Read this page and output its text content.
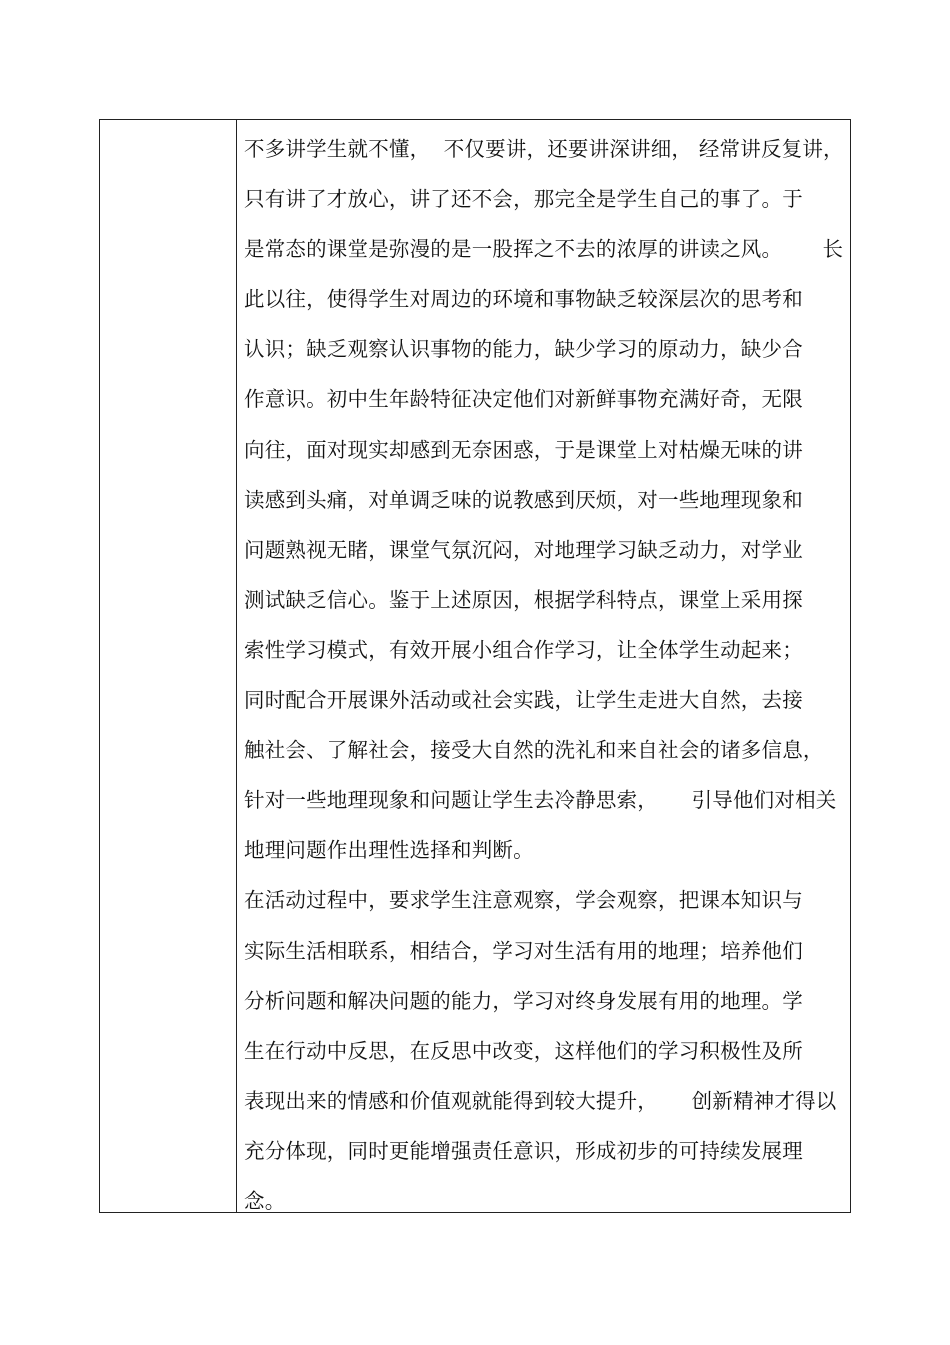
不多讲学生就不懂，  不仅要讲，还要讲深讲细， 经常讲反复讲，
只有讲了才放心，讲了还不会，那完全是学生自己的事了。于
是常态的课堂是弥漫的是一股挥之不去的浓厚的讲读之风。      长
此以往，使得学生对周边的环境和事物缺乏较深层次的思考和
认识；缺乏观察认识事物的能力，缺少学习的原动力，缺少合
作意识。初中生年龄特征决定他们对新鲜事物充满好奇，无限
向往，面对现实却感到无奈困惑，于是课堂上对枯燥无味的讲
读感到头痛，对单调乏味的说教感到厌烦，对一些地理现象和
问题熟视无睹，课堂气氛沉闷，对地理学习缺乏动力，对学业
测试缺乏信心。鉴于上述原因，根据学科特点，课堂上采用探
索性学习模式，有效开展小组合作学习，让全体学生动起来；
同时配合开展课外活动或社会实践，让学生走进大自然，去接
触社会、了解社会，接受大自然的洗礼和来自社会的诸多信息，
针对一些地理现象和问题让学生去冷静思索，     引导他们对相关
地理问题作出理性选择和判断。
在活动过程中，要求学生注意观察，学会观察，把课本知识与
实际生活相联系，相结合，学习对生活有用的地理；培养他们
分析问题和解决问题的能力，学习对终身发展有用的地理。学
生在行动中反思，在反思中改变，这样他们的学习积极性及所
表现出来的情感和价值观就能得到较大提升，     创新精神才得以
充分体现，同时更能增强责任意识，形成初步的可持续发展理
念。
